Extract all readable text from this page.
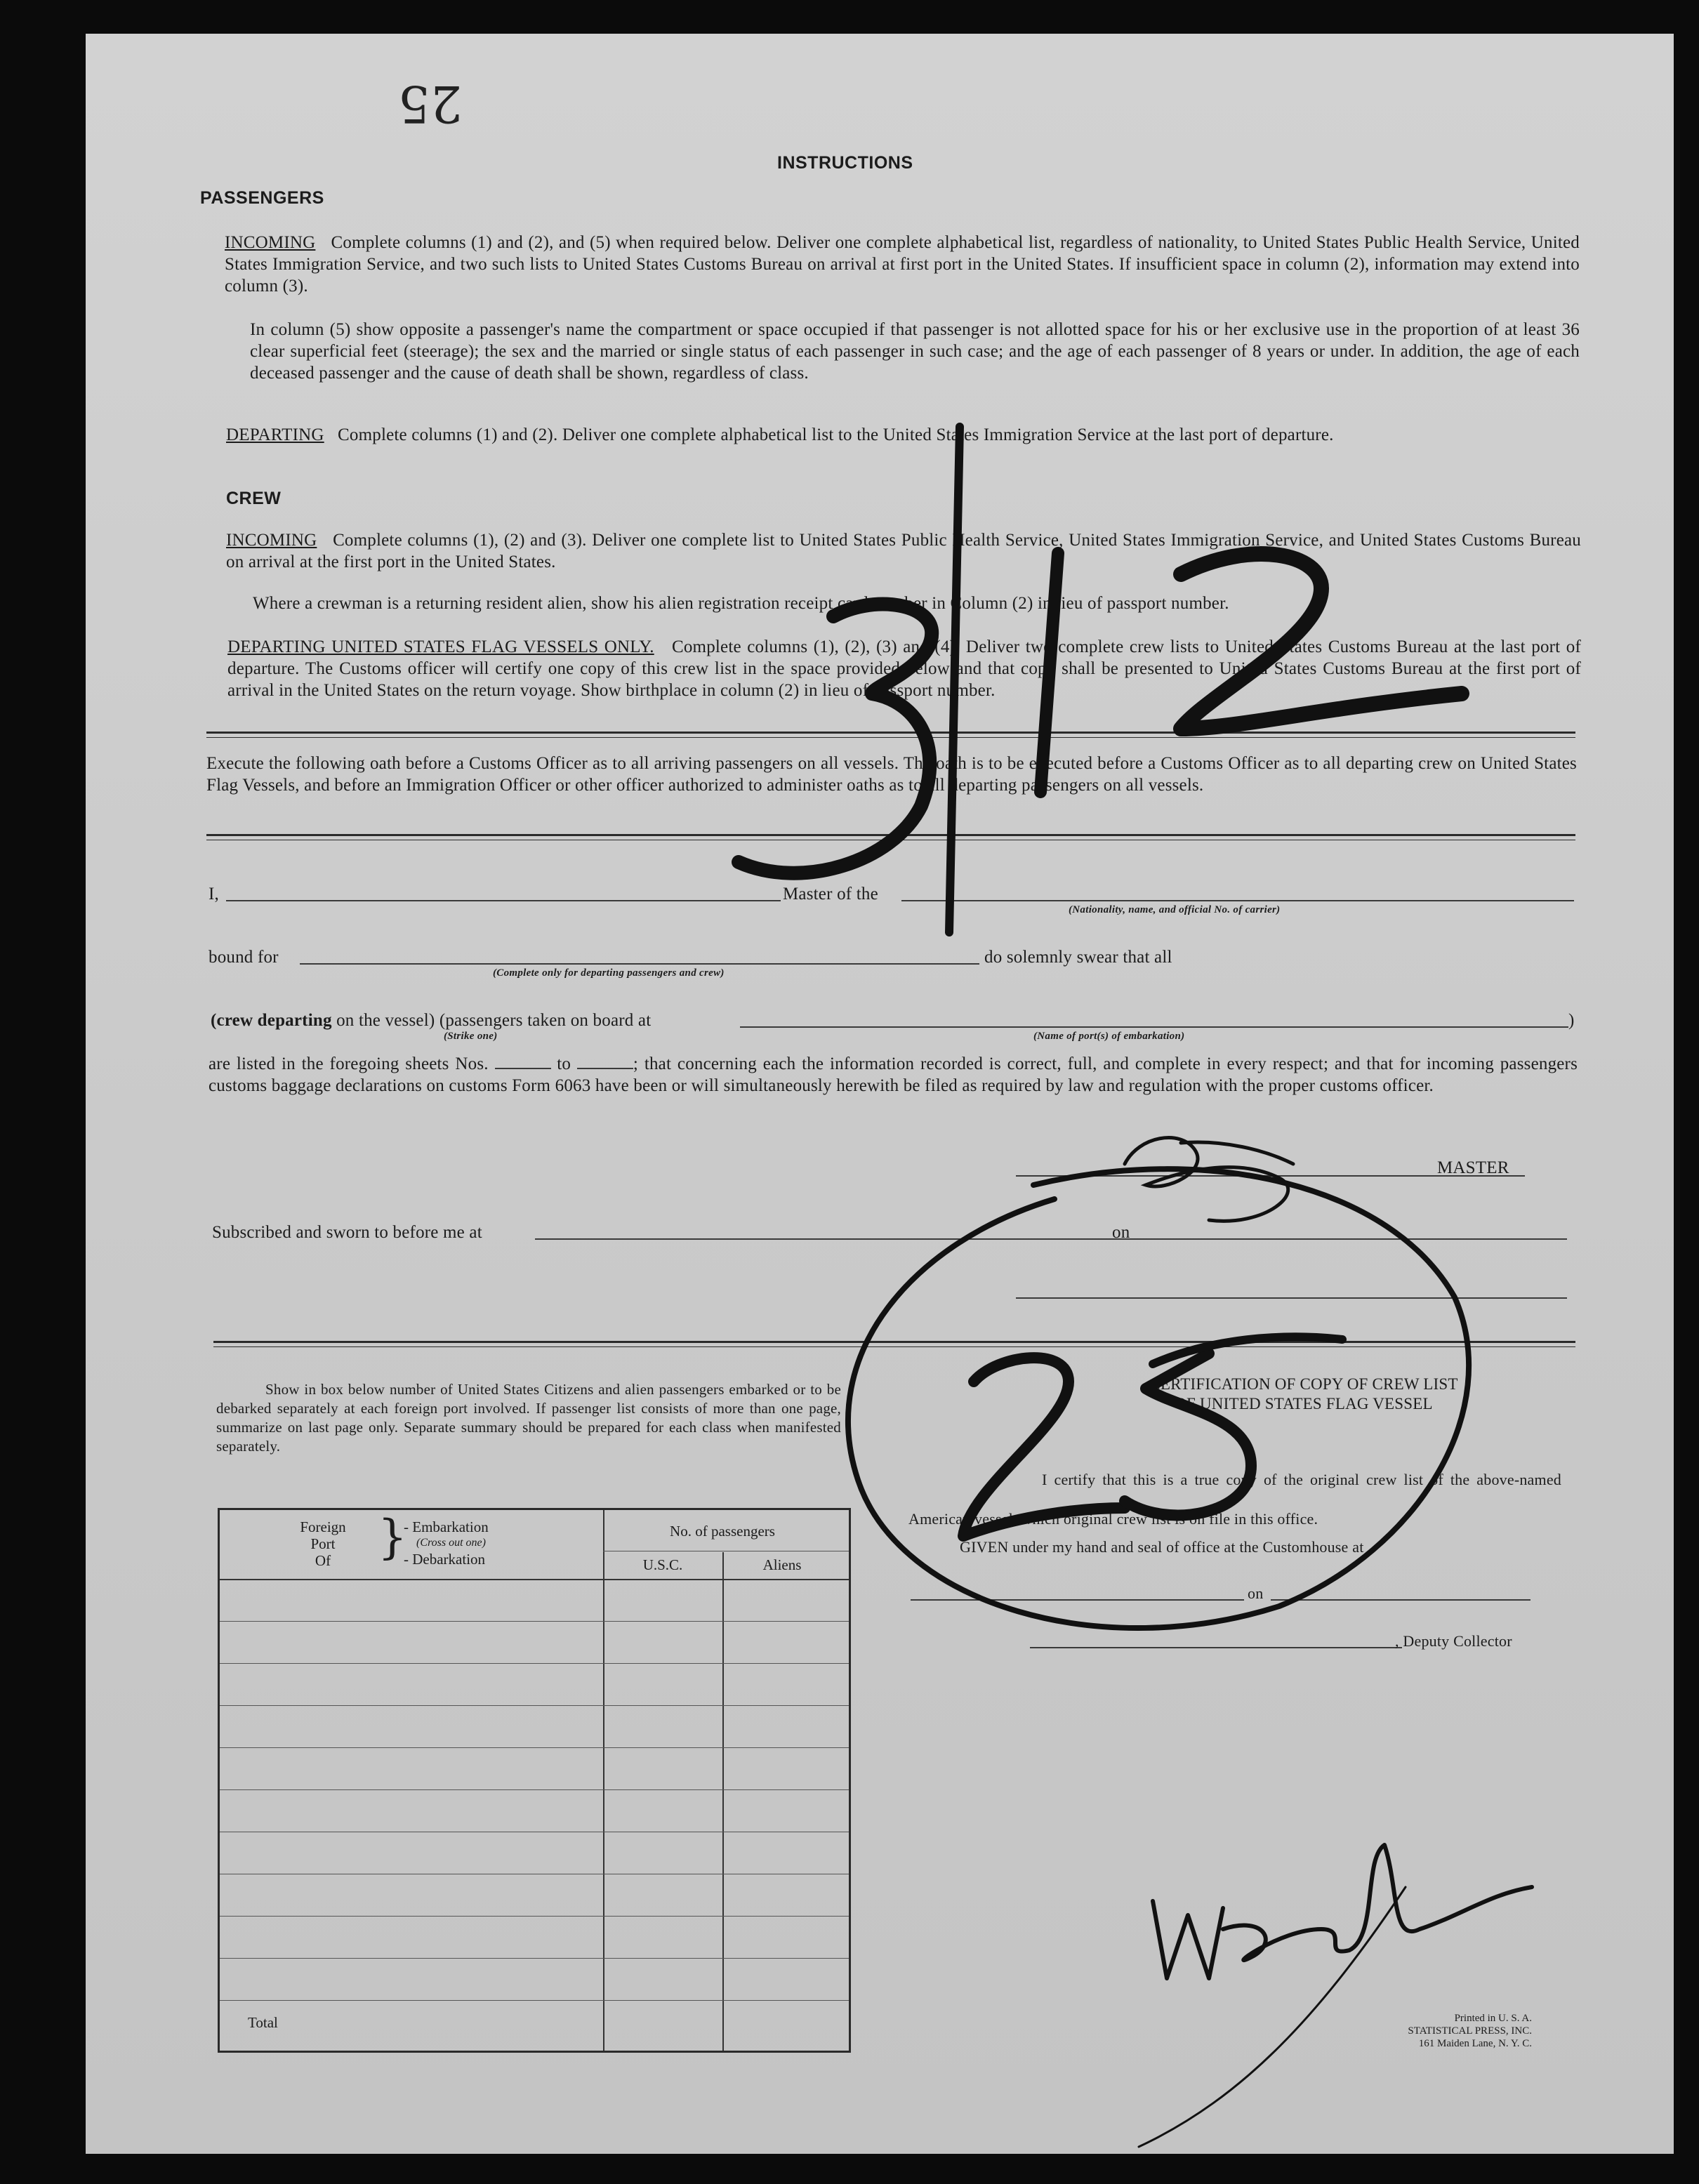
25
INSTRUCTIONS
PASSENGERS
INCOMING Complete columns (1) and (2), and (5) when required below. Deliver one complete alphabetical list, regardless of nationality, to United States Public Health Service, United States Immigration Service, and two such lists to United States Customs Bureau on arrival at first port in the United States. If insufficient space in column (2), information may extend into column (3).
In column (5) show opposite a passenger's name the compartment or space occupied if that passenger is not allotted space for his or her exclusive use in the proportion of at least 36 clear superficial feet (steerage); the sex and the married or single status of each passenger in such case; and the age of each passenger of 8 years or under. In addition, the age of each deceased passenger and the cause of death shall be shown, regardless of class.
DEPARTING Complete columns (1) and (2). Deliver one complete alphabetical list to the United States Immigration Service at the last port of departure.
CREW
INCOMING Complete columns (1), (2) and (3). Deliver one complete list to United States Public Health Service, United States Immigration Service, and United States Customs Bureau on arrival at the first port in the United States.
Where a crewman is a returning resident alien, show his alien registration receipt card number in Column (2) in lieu of passport number.
DEPARTING UNITED STATES FLAG VESSELS ONLY. Complete columns (1), (2), (3) and (4). Deliver two complete crew lists to United States Customs Bureau at the last port of departure. The Customs officer will certify one copy of this crew list in the space provided below and that copy shall be presented to United States Customs Bureau at the first port of arrival in the United States on the return voyage. Show birthplace in column (2) in lieu of passport number.
Execute the following oath before a Customs Officer as to all arriving passengers on all vessels. The oath is to be executed before a Customs Officer as to all departing crew on United States Flag Vessels, and before an Immigration Officer or other officer authorized to administer oaths as to all departing passengers on all vessels.
I,	Master of the
(Nationality, name, and official No. of carrier)
bound for
(Complete only for departing passengers and crew)
do solemnly swear that all
(crew departing on the vessel) (passengers taken on board at
(Strike one)
)
(Name of port(s) of embarkation)
are listed in the foregoing sheets Nos.	to	; that concerning each the information recorded is correct, full, and complete in every respect; and that for incoming passengers customs baggage declarations on customs Form 6063 have been or will simultaneously herewith be filed as required by law and regulation with the proper customs officer.
MASTER
Subscribed and sworn to before me at	on
Show in box below number of United States Citizens and alien passengers embarked or to be debarked separately at each foreign port involved. If passenger list consists of more than one page, summarize on last page only. Separate summary should be prepared for each class when manifested separately.
Foreign
Port
Of	}
- Embarkation
(Cross out one)
- Debarkation
No. of passengers
U.S.C.	Aliens
Total
CERTIFICATION OF COPY OF CREW LIST
OF UNITED STATES FLAG VESSEL
I certify that this is a true copy of the original crew list of the above-named American vessel, which original crew list is on file in this office.
GIVEN under my hand and seal of office at the Customhouse at
on
, Deputy Collector
Printed in U. S. A.
STATISTICAL PRESS, INC.
161 Maiden Lane, N. Y. C.
